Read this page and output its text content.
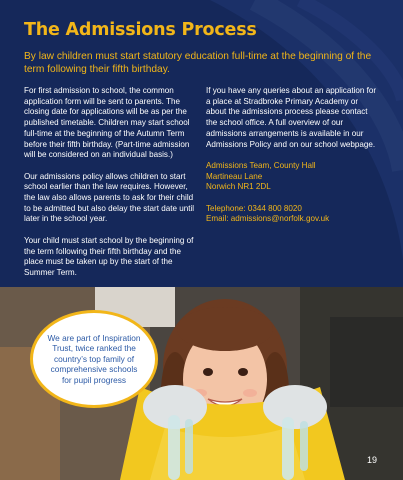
The Admissions Process
By law children must start statutory education full-time at the beginning of the term following their fifth birthday.

For first admission to school, the common application form will be sent to parents. The closing date for applications will be as per the published timetable. Children may start school full-time at the beginning of the Autumn Term before their fifth birthday. (Part-time admission will be considered on an individual basis.)

Our admissions policy allows children to start school earlier than the law requires. However, the law also allows parents to ask for their child to be admitted but also delay the start date until later in the school year.

Your child must start school by the beginning of the term following their fifth birthday and the place must be taken up by the start of the Summer Term.

If you have any queries about an application for a place at Stradbroke Primary Academy or about the admissions process please contact the school office. A full overview of our admissions arrangements is available in our Admissions Policy and on our school webpage.

Admissions Team, County Hall
Martineau Lane
Norwich NR1 2DL
Telephone: 0344 800 8020
Email: admissions@norfolk.gov.uk
We are part of Inspiration Trust, twice ranked the country’s top family of comprehensive schools for pupil progress
19
